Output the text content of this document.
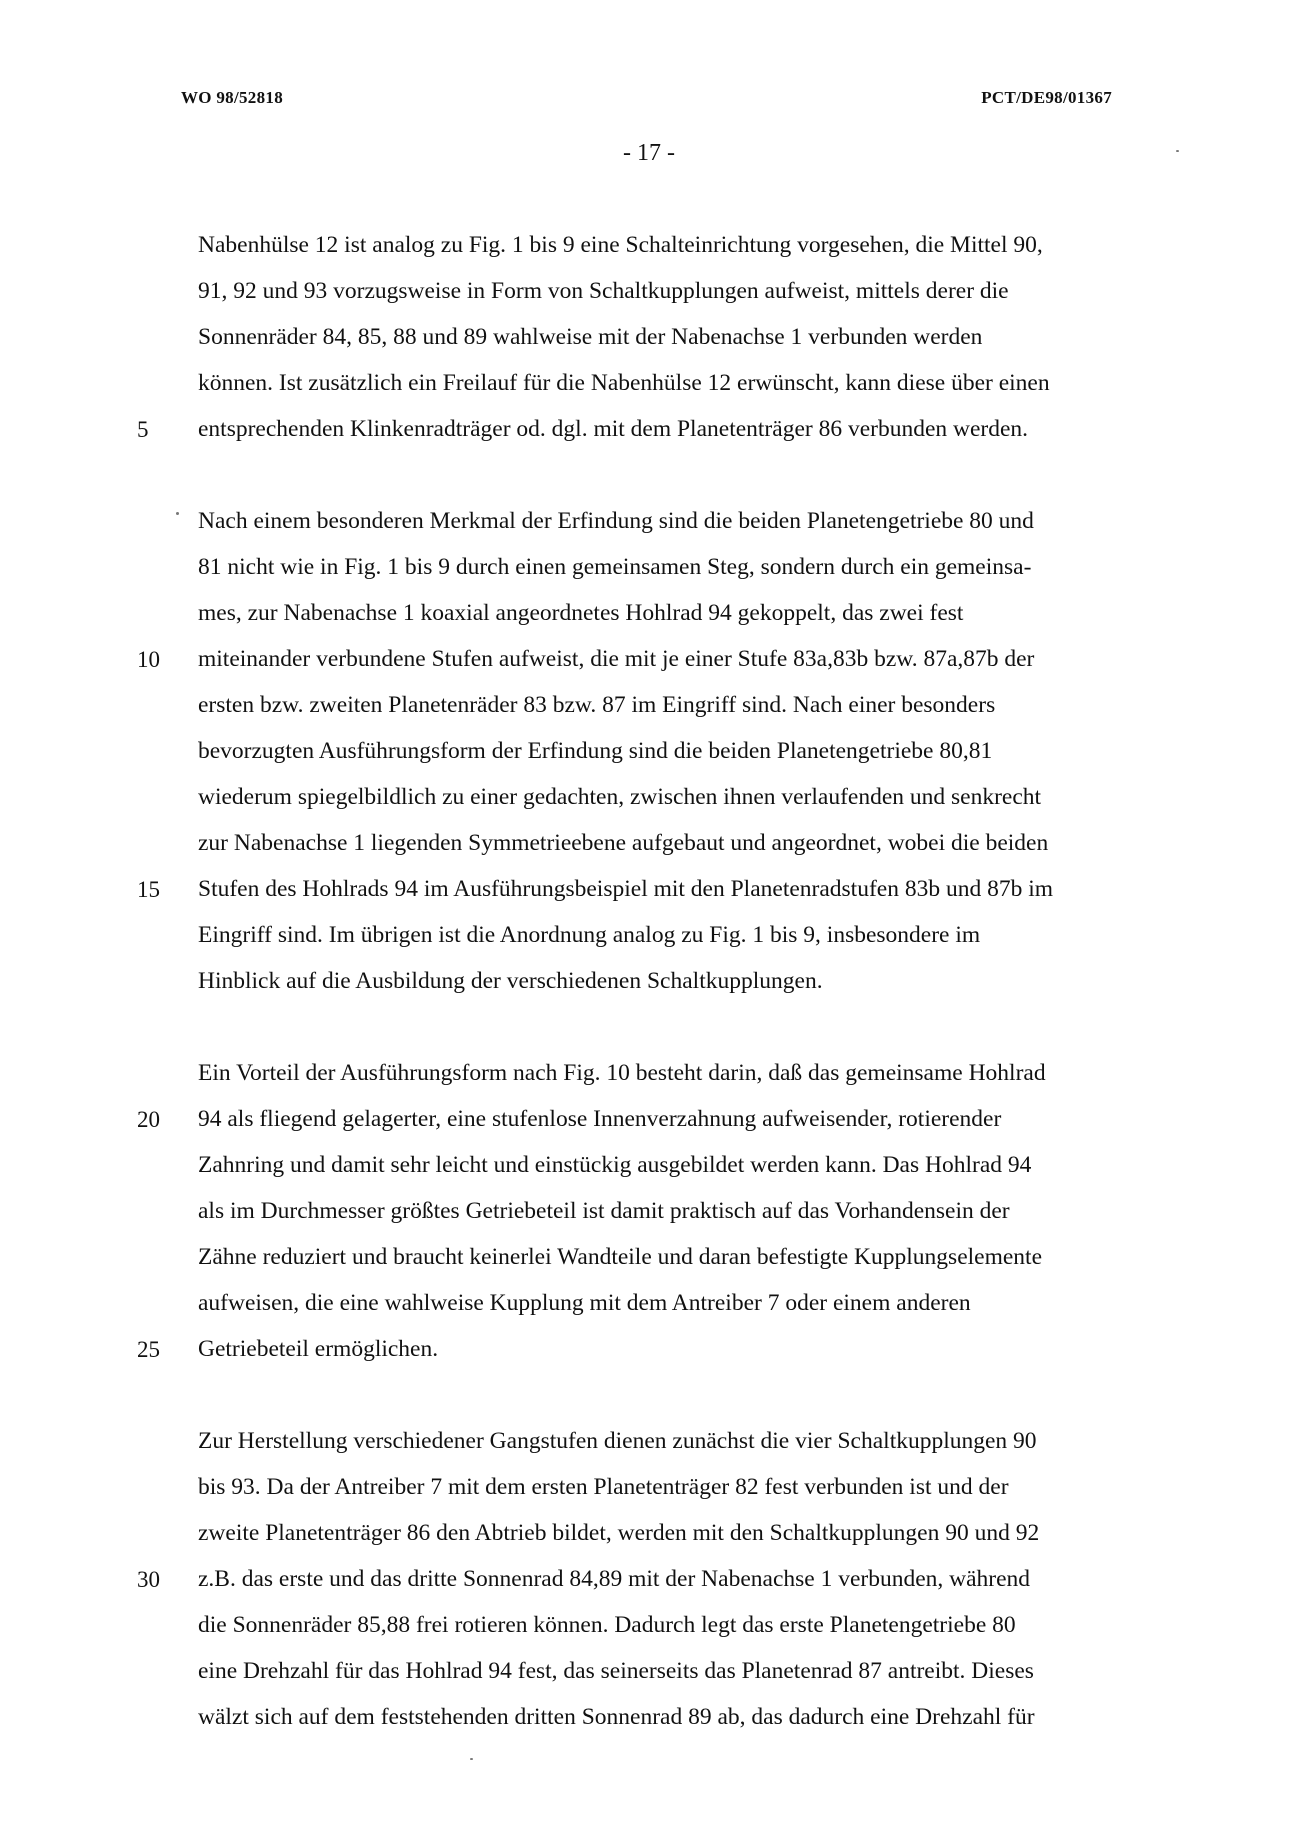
WO 98/52818	PCT/DE98/01367
- 17 -
Nabenhülse 12 ist analog zu Fig. 1 bis 9 eine Schalteinrichtung vorgesehen, die Mittel 90,
91, 92 und 93 vorzugsweise in Form von Schaltkupplungen aufweist, mittels derer die
Sonnenräder 84, 85, 88 und 89 wahlweise mit der Nabenachse 1 verbunden werden
können. Ist zusätzlich ein Freilauf für die Nabenhülse 12 erwünscht, kann diese über einen
entsprechenden Klinkenradträger od. dgl. mit dem Planetenträger 86 verbunden werden.
Nach einem besonderen Merkmal der Erfindung sind die beiden Planetengetriebe 80 und
81 nicht wie in Fig. 1 bis 9 durch einen gemeinsamen Steg, sondern durch ein gemeinsa-
mes, zur Nabenachse 1 koaxial angeordnetes Hohlrad 94 gekoppelt, das zwei fest
miteinander verbundene Stufen aufweist, die mit je einer Stufe 83a,83b bzw. 87a,87b der
ersten bzw. zweiten Planetenräder 83 bzw. 87 im Eingriff sind. Nach einer besonders
bevorzugten Ausführungsform der Erfindung sind die beiden Planetengetriebe 80,81
wiederum spiegelbildlich zu einer gedachten, zwischen ihnen verlaufenden und senkrecht
zur Nabenachse 1 liegenden Symmetrieebene aufgebaut und angeordnet, wobei die beiden
Stufen des Hohlrads 94 im Ausführungsbeispiel mit den Planetenradstufen 83b und 87b im
Eingriff sind. Im übrigen ist die Anordnung analog zu Fig. 1 bis 9, insbesondere im
Hinblick auf die Ausbildung der verschiedenen Schaltkupplungen.
Ein Vorteil der Ausführungsform nach Fig. 10 besteht darin, daß das gemeinsame Hohlrad
94 als fliegend gelagerter, eine stufenlose Innenverzahnung aufweisender, rotierender
Zahnring und damit sehr leicht und einstückig ausgebildet werden kann. Das Hohlrad 94
als im Durchmesser größtes Getriebeteil ist damit praktisch auf das Vorhandensein der
Zähne reduziert und braucht keinerlei Wandteile und daran befestigte Kupplungselemente
aufweisen, die eine wahlweise Kupplung mit dem Antreiber 7 oder einem anderen
Getriebeteil ermöglichen.
Zur Herstellung verschiedener Gangstufen dienen zunächst die vier Schaltkupplungen 90
bis 93. Da der Antreiber 7 mit dem ersten Planetenträger 82 fest verbunden ist und der
zweite Planetenträger 86 den Abtrieb bildet, werden mit den Schaltkupplungen 90 und 92
z.B. das erste und das dritte Sonnenrad 84,89 mit der Nabenachse 1 verbunden, während
die Sonnenräder 85,88 frei rotieren können. Dadurch legt das erste Planetengetriebe 80
eine Drehzahl für das Hohlrad 94 fest, das seinerseits das Planetenrad 87 antreibt. Dieses
wälzt sich auf dem feststehenden dritten Sonnenrad 89 ab, das dadurch eine Drehzahl für
5
10
15
20
25
30
